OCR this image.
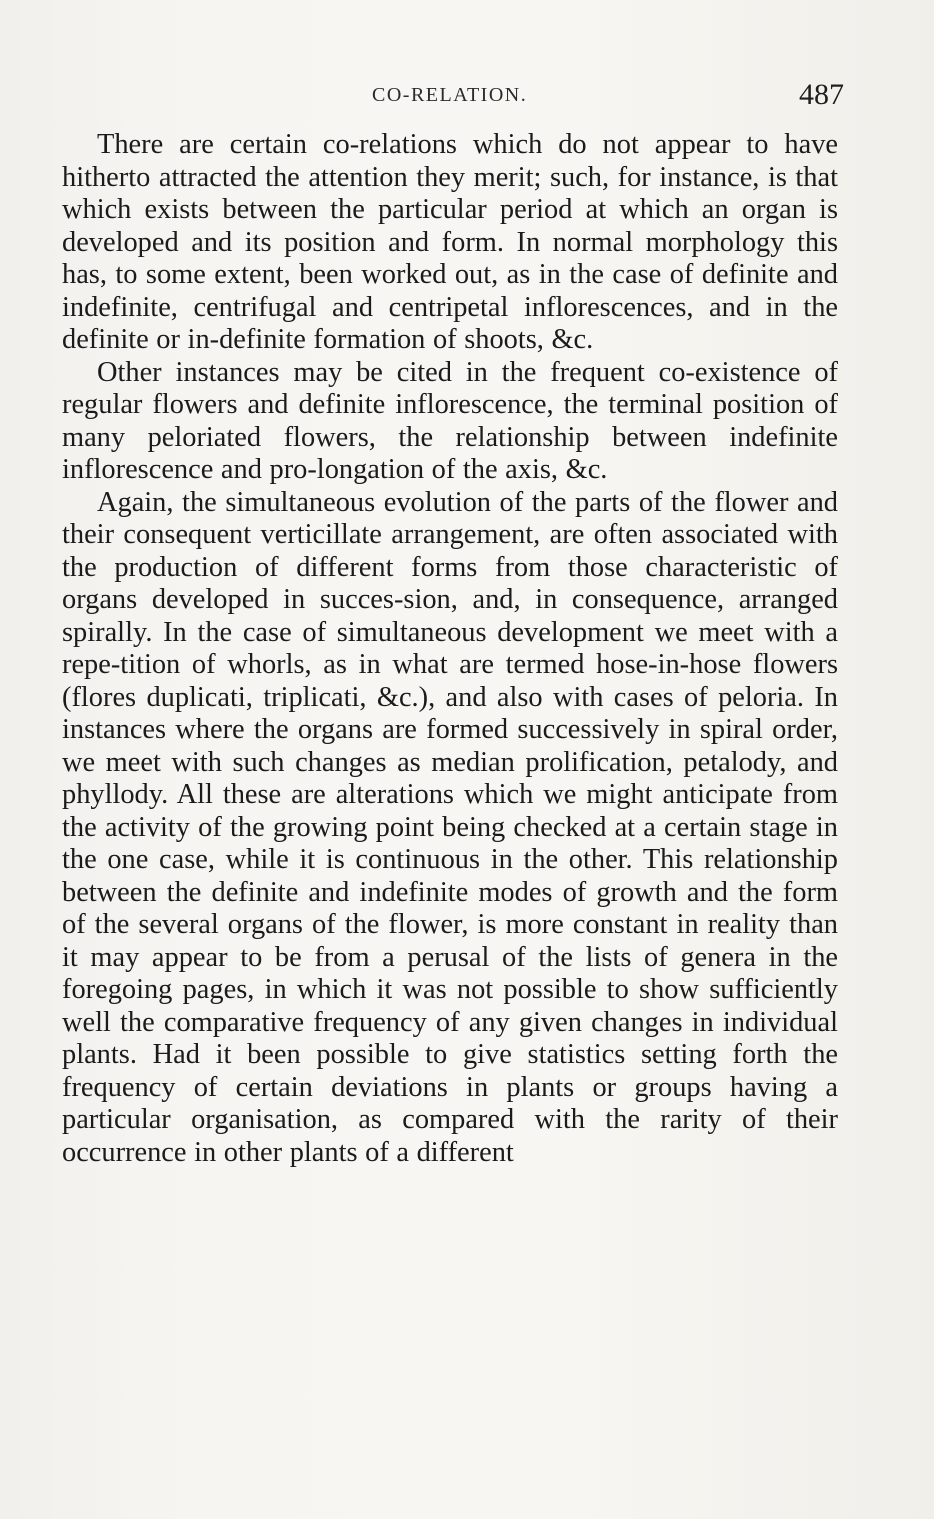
CO-RELATION.	487

There are certain co-relations which do not appear to have hitherto attracted the attention they merit; such, for instance, is that which exists between the particular period at which an organ is developed and its position and form. In normal morphology this has, to some extent, been worked out, as in the case of definite and indefinite, centrifugal and centripetal inflorescences, and in the definite or in-definite formation of shoots, &c.

Other instances may be cited in the frequent co-existence of regular flowers and definite inflorescence, the terminal position of many peloriated flowers, the relationship between indefinite inflorescence and pro-longation of the axis, &c.

Again, the simultaneous evolution of the parts of the flower and their consequent verticillate arrangement, are often associated with the production of different forms from those characteristic of organs developed in succes-sion, and, in consequence, arranged spirally. In the case of simultaneous development we meet with a repe-tition of whorls, as in what are termed hose-in-hose flowers (flores duplicati, triplicati, &c.), and also with cases of peloria. In instances where the organs are formed successively in spiral order, we meet with such changes as median prolification, petalody, and phyllody. All these are alterations which we might anticipate from the activity of the growing point being checked at a certain stage in the one case, while it is continuous in the other. This relationship between the definite and indefinite modes of growth and the form of the several organs of the flower, is more constant in reality than it may appear to be from a perusal of the lists of genera in the foregoing pages, in which it was not possible to show sufficiently well the comparative frequency of any given changes in individual plants. Had it been possible to give statistics setting forth the frequency of certain deviations in plants or groups having a particular organisation, as compared with the rarity of their occurrence in other plants of a different
